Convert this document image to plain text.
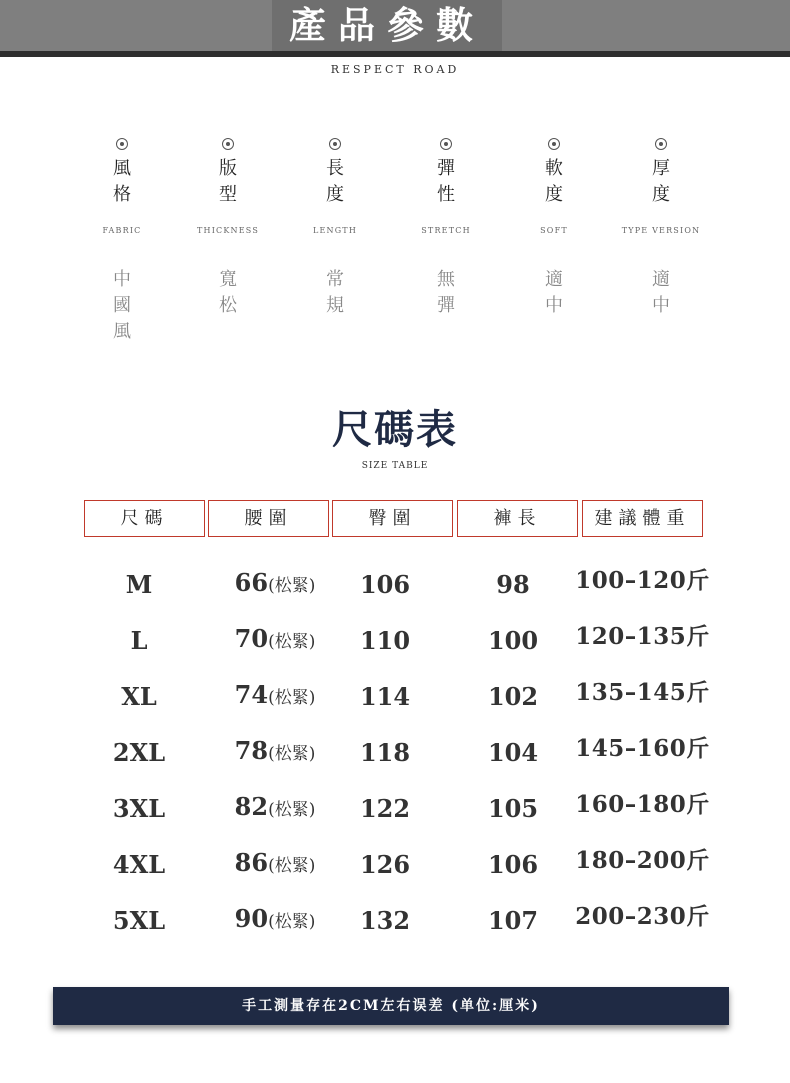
產品參數
RESPECT ROAD
風格
FABRIC
中國風
版型
THICKNESS
寬松
長度
LENGTH
常規
彈性
STRETCH
無彈
軟度
SOFT
適中
厚度
TYPE VERSION
適中
尺碼表
SIZE TABLE
尺碼	腰圍	臀圍	褲長	建議體重
M	66(松緊)	106	98	100–120斤
L	70(松緊)	110	100	120–135斤
XL	74(松緊)	114	102	135–145斤
2XL	78(松緊)	118	104	145–160斤
3XL	82(松緊)	122	105	160–180斤
4XL	86(松緊)	126	106	180–200斤
5XL	90(松緊)	132	107	200–230斤
手工測量存在2CM左右误差 (单位:厘米)
